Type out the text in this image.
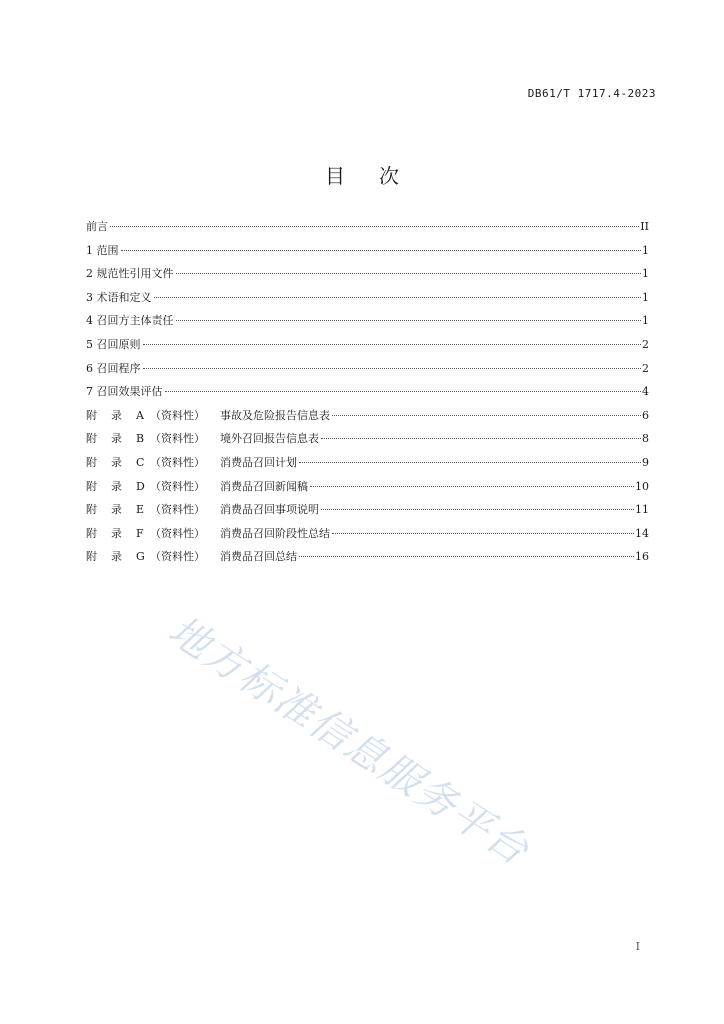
DB61/T 1717.4-2023
目 次
前言	II
1 范围	1
2 规范性引用文件	1
3 术语和定义	1
4 召回方主体责任	1
5 召回原则	2
6 召回程序	2
7 召回效果评估	4
附 录 A （资料性）	事故及危险报告信息表	6
附 录 B （资料性）	境外召回报告信息表	8
附 录 C （资料性）	消费品召回计划	9
附 录 D （资料性）	消费品召回新闻稿	10
附 录 E （资料性）	消费品召回事项说明	11
附 录 F （资料性）	消费品召回阶段性总结	14
附 录 G （资料性）	消费品召回总结	16
地方标准信息服务平台
I
